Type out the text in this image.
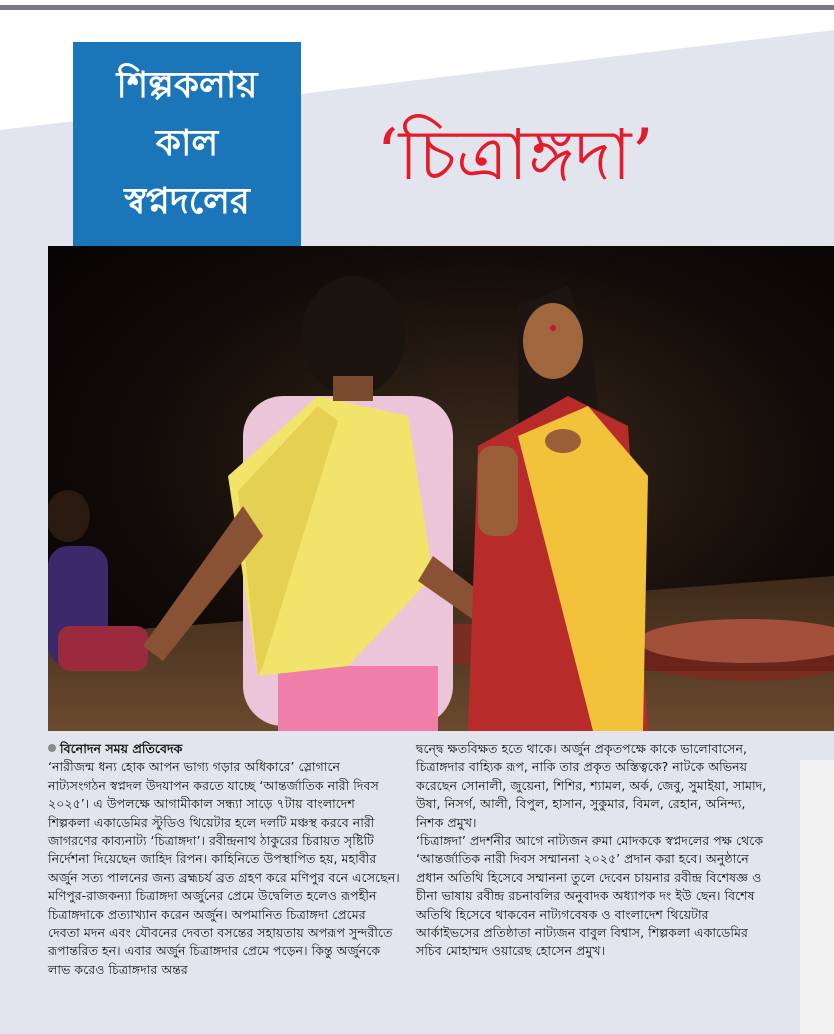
শিল্পকলায়
কাল
স্বপ্নদলের
‘চিত্রাঙ্গদা’

বিনোদন সময় প্রতিবেদক

‘নারীজন্ম ধন্য হোক আপন ভাগ্য গড়ার অধিকারে’ স্লোগানে নাট্যসংগঠন স্বপ্নদল উদযাপন করতে যাচ্ছে ‘আন্তর্জাতিক নারী দিবস ২০২৫’। এ উপলক্ষে আগামীকাল সন্ধ্যা সাড়ে ৭টায় বাংলাদেশ শিল্পকলা একাডেমির স্টুডিও থিয়েটার হলে দলটি মঞ্চস্থ করবে নারী জাগরণের কাব্যনাট্য ‘চিত্রাঙ্গদা’। রবীন্দ্রনাথ ঠাকুরের চিরায়ত সৃষ্টিটি নির্দেশনা দিয়েছেন জাহিদ রিপন। কাহিনিতে উপস্থাপিত হয়, মহাবীর অর্জুন সত্য পালনের জন্য ব্রহ্মচর্য ব্রত গ্রহণ করে মণিপুর বনে এসেছেন। মণিপুর-রাজকন্যা চিত্রাঙ্গদা অর্জুনের প্রেমে উদ্বেলিত হলেও রূপহীন চিত্রাঙ্গদাকে প্রত্যাখ্যান করেন অর্জুন। অপমানিত চিত্রাঙ্গদা প্রেমের দেবতা মদন এবং যৌবনের দেবতা বসন্তের সহায়তায় অপরূপ সুন্দরীতে রূপান্তরিত হন। এবার অর্জুন চিত্রাঙ্গদার প্রেমে পড়েন। কিন্তু অর্জুনকে লাভ করেও চিত্রাঙ্গদার অন্তর

দ্বন্দ্বে ক্ষতবিক্ষত হতে থাকে। অর্জুন প্রকৃতপক্ষে কাকে ভালোবাসেন, চিত্রাঙ্গদার বাহ্যিক রূপ, নাকি তার প্রকৃত অস্তিত্বকে? নাটকে অভিনয় করেছেন সোনালী, জুয়েনা, শিশির, শ্যামল, অর্ক, জেবু, সুমাইয়া, সামাদ, উষা, নিসর্গ, আলী, বিপুল, হাসান, সুকুমার, বিমল, রেহান, অনিন্দ্য, নিশক প্রমুখ।

‘চিত্রাঙ্গদা’ প্রদর্শনীর আগে নাট্যজন রুমা মোদককে স্বপ্নদলের পক্ষ থেকে ‘আন্তর্জাতিক নারী দিবস সম্মাননা ২০২৫’ প্রদান করা হবে। অনুষ্ঠানে প্রধান অতিথি হিসেবে সম্মাননা তুলে দেবেন চায়নার রবীন্দ্র বিশেষজ্ঞ ও চীনা ভাষায় রবীন্দ্র রচনাবলির অনুবাদক অধ্যাপক দং ইউ ছেন। বিশেষ অতিথি হিসেবে থাকবেন নাট্যগবেষক ও বাংলাদেশ থিয়েটার আর্কাইভসের প্রতিষ্ঠাতা নাট্যজন বাবুল বিশ্বাস, শিল্পকলা একাডেমির সচিব মোহাম্মদ ওয়ারেছ হোসেন প্রমুখ।
